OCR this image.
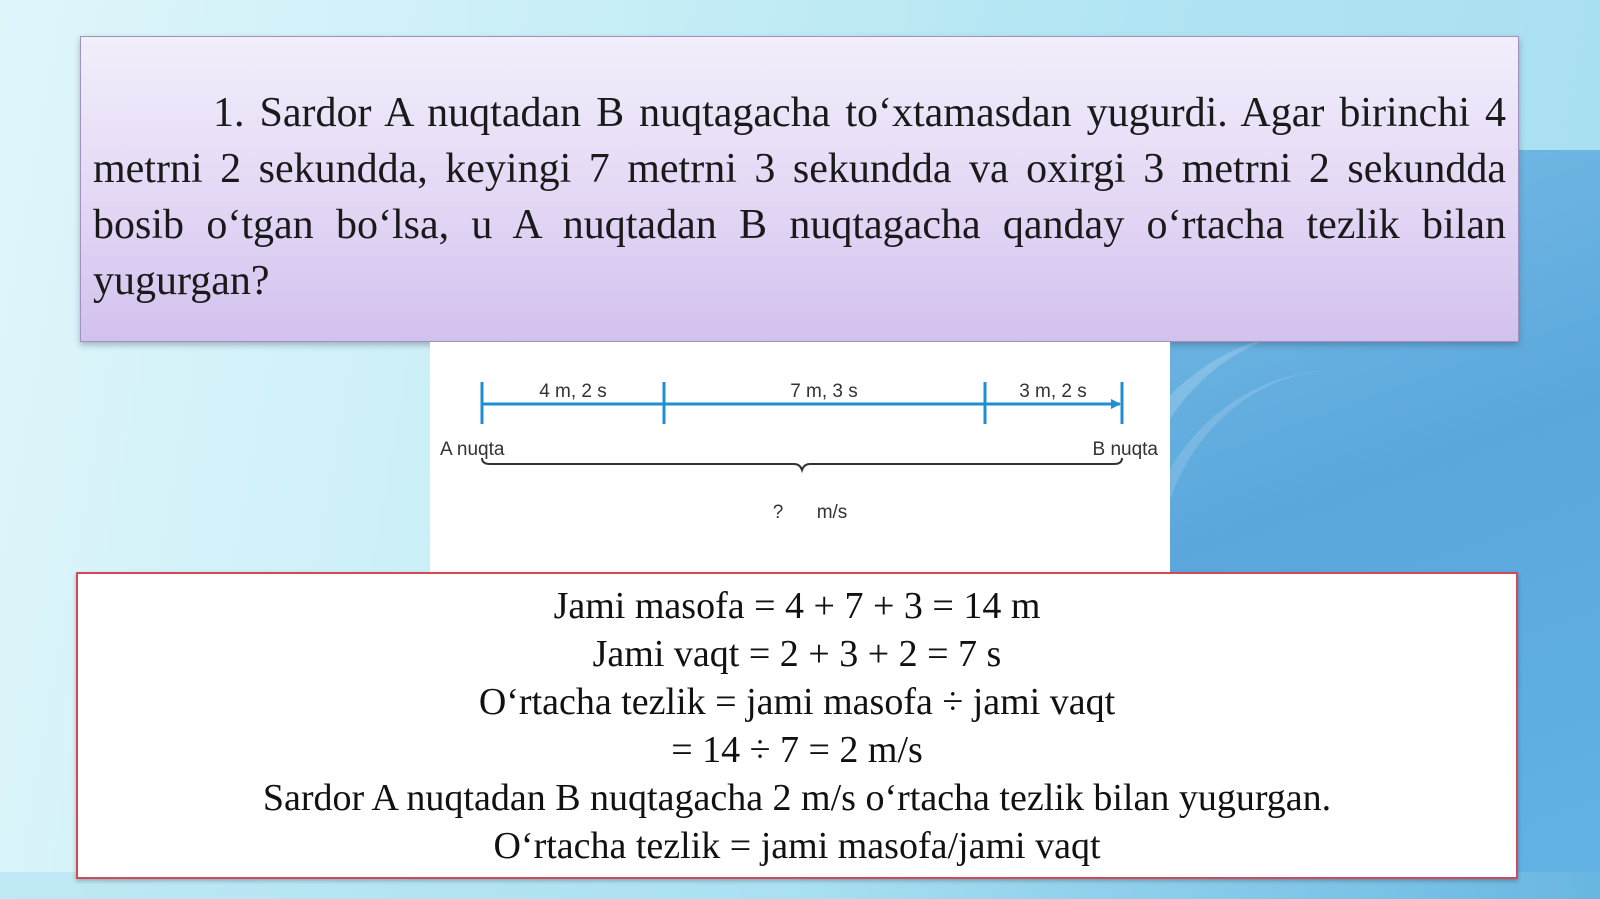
1. Sardor A nuqtadan B nuqtagacha to‘xtamasdan yugurdi. Agar birinchi 4 metrni 2 sekundda, keyingi 7 metrni 3 sekundda va oxirgi 3 metrni 2 sekundda bosib o‘tgan bo‘lsa, u A nuqtadan B nuqtagacha qanday o‘rtacha tezlik bilan yugurgan?

4 m, 2 s	7 m, 3 s	3 m, 2 s
A nuqta	B nuqta
? m/s
Jami masofa = 4 + 7 + 3 = 14 m
Jami vaqt = 2 + 3 + 2 = 7 s
O‘rtacha tezlik = jami masofa ÷ jami vaqt
= 14 ÷ 7 = 2 m/s
Sardor A nuqtadan B nuqtagacha 2 m/s o‘rtacha tezlik bilan yugurgan.
O‘rtacha tezlik = jami masofa/jami vaqt
